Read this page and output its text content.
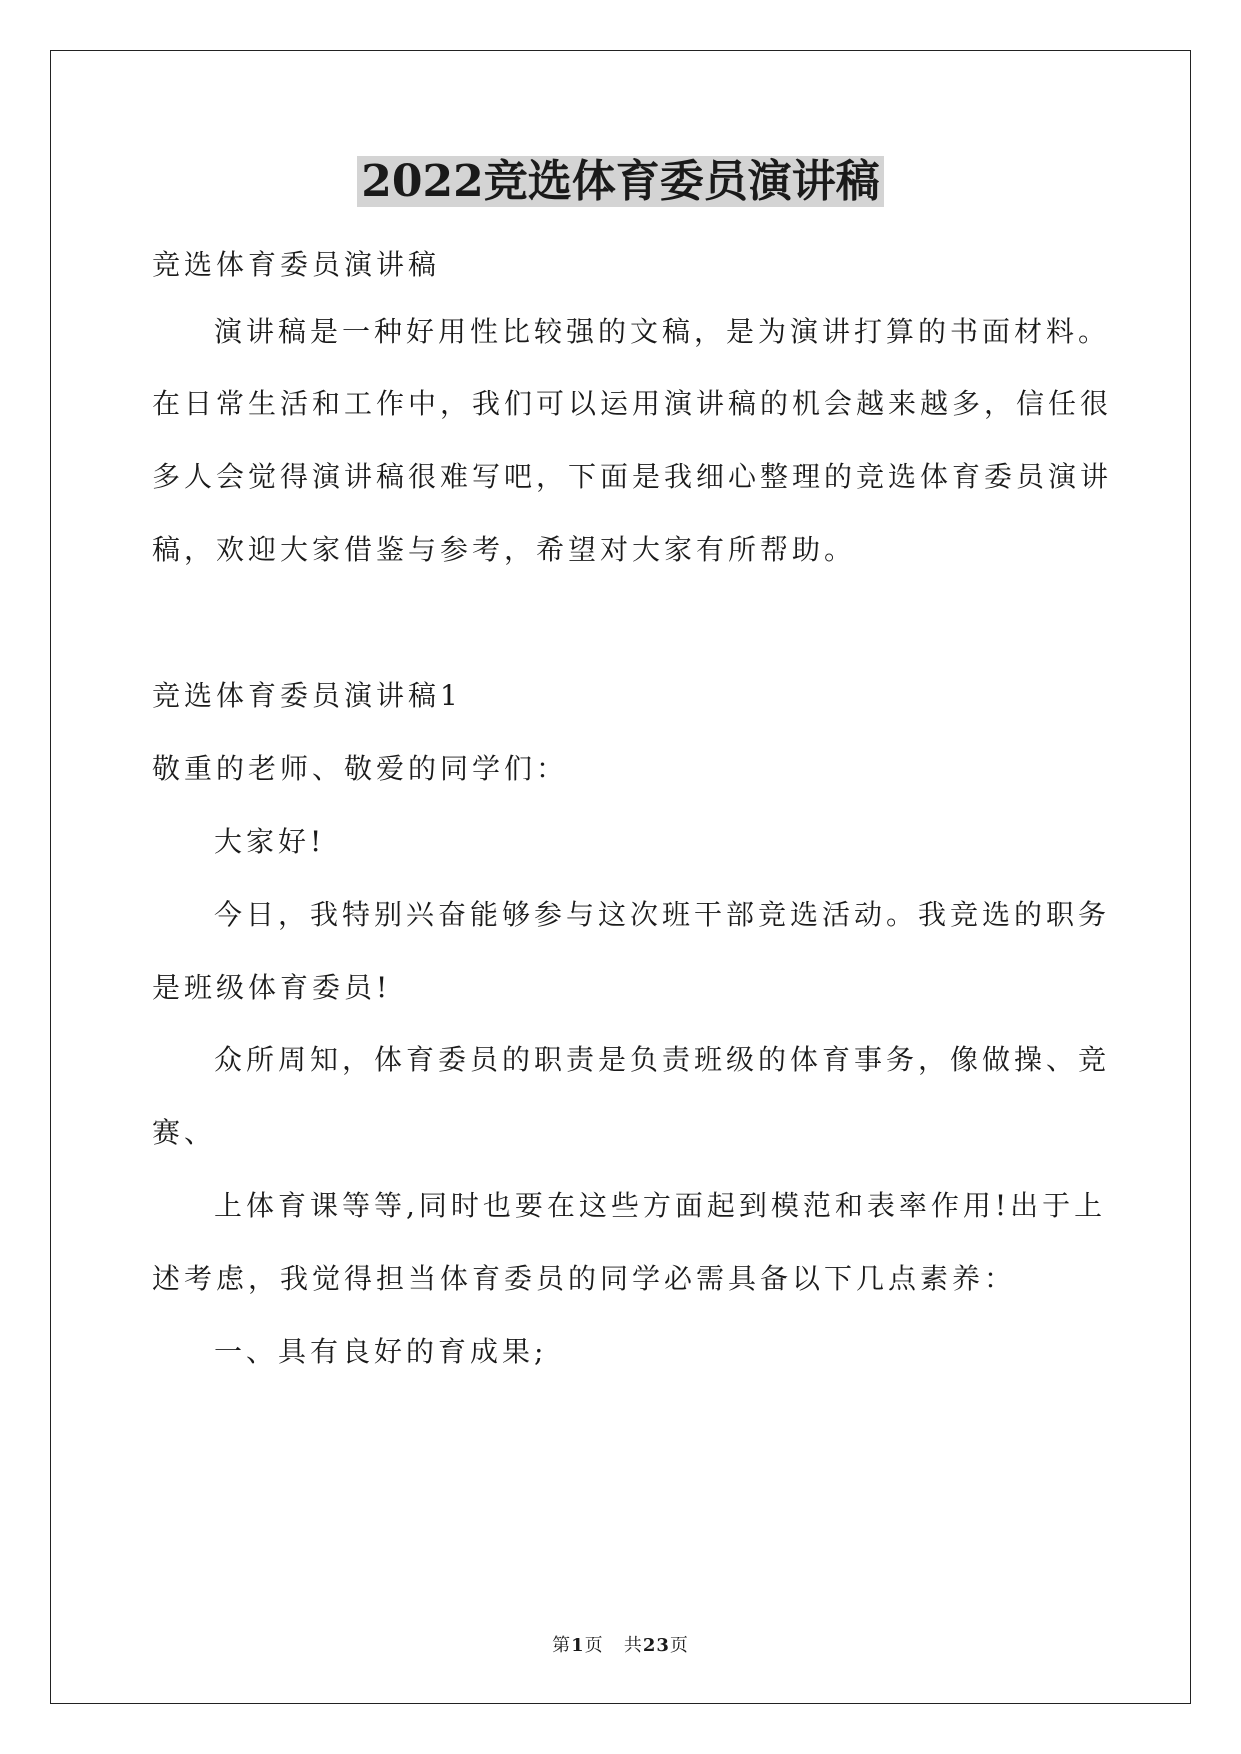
2022竞选体育委员演讲稿
竞选体育委员演讲稿
演讲稿是一种好用性比较强的文稿，是为演讲打算的书面材料。
在日常生活和工作中，我们可以运用演讲稿的机会越来越多，信任很
多人会觉得演讲稿很难写吧，下面是我细心整理的竞选体育委员演讲
稿，欢迎大家借鉴与参考，希望对大家有所帮助。
竞选体育委员演讲稿1
敬重的老师、敬爱的同学们：
大家好!
今日，我特别兴奋能够参与这次班干部竞选活动。我竞选的职务
是班级体育委员!
众所周知，体育委员的职责是负责班级的体育事务，像做操、竞
赛、
上体育课等等,同时也要在这些方面起到模范和表率作用!出于上
述考虑，我觉得担当体育委员的同学必需具备以下几点素养：
一、具有良好的育成果;
第1页 共23页
